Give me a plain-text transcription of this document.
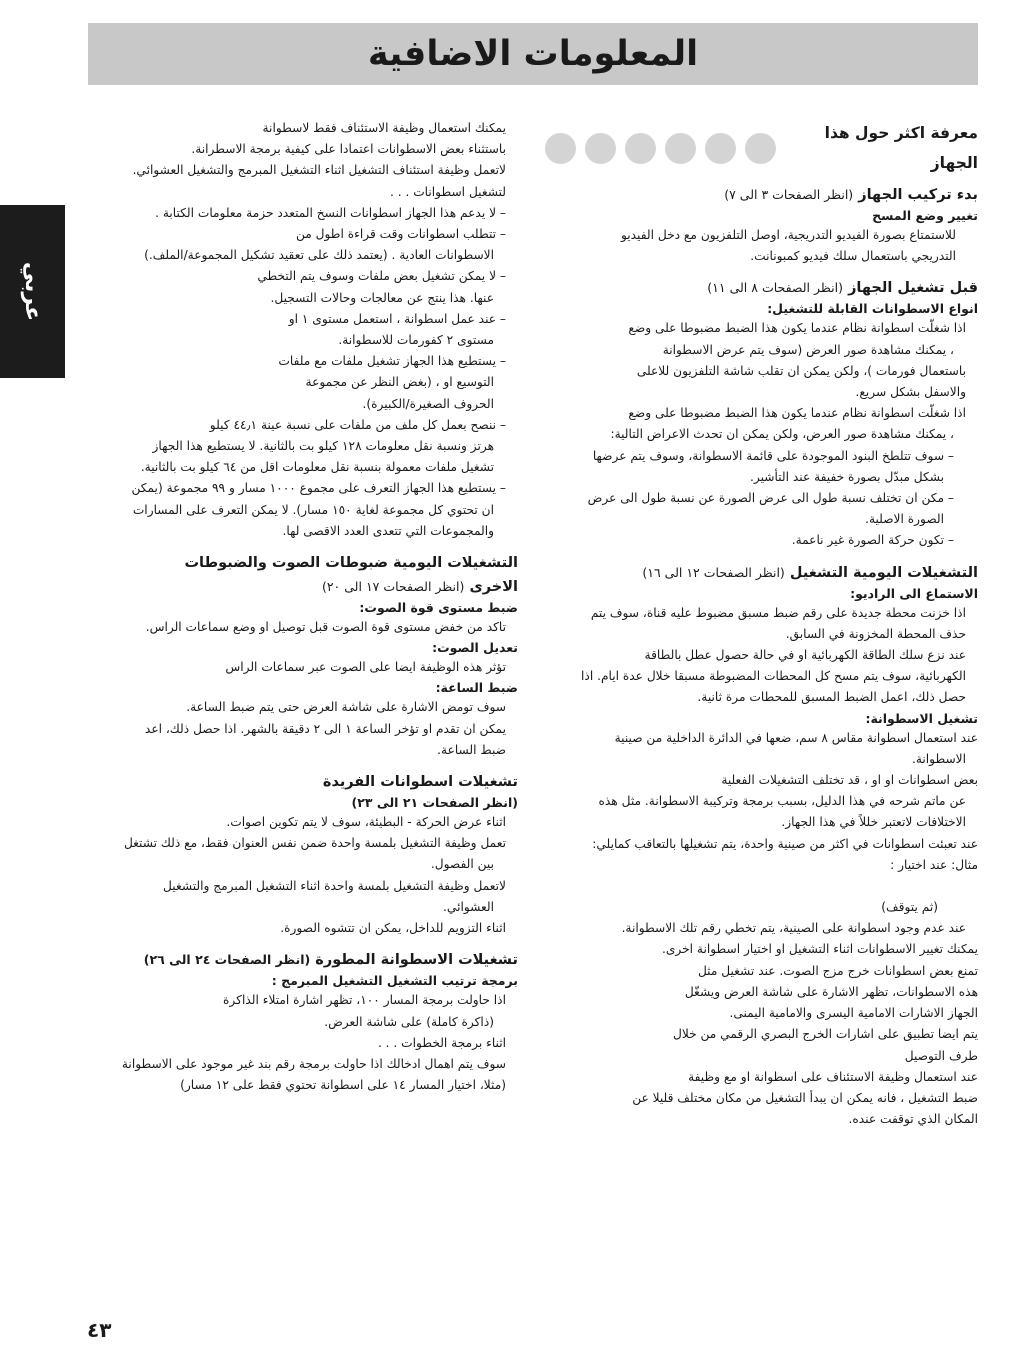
المعلومات الاضافية
عربي
معرفة اكثر حول هذا الجهاز
بدء تركيب الجهاز (انظر الصفحات ٣ الى ٧)
تغيير وضع المسح

للاستمتاع بصورة الفيديو التدريجية، اوصل التلفزيون مع دخل الفيديو

التدريجي باستعمال سلك فيديو كمبونانت.

قبل تشغيل الجهاز (انظر الصفحات ٨ الى ١١)
انواع الاسطوانات القابلة للتشغيل:

اذا شغلّت اسطوانة نظام عندما يكون هذا الضبط مضبوطا على وضع

، يمكنك مشاهدة صور العرض (سوف يتم عرض الاسطوانة

باستعمال فورمات )، ولكن يمكن ان تقلب شاشة التلفزيون للاعلى

والاسفل بشكل سريع.

اذا شغلّت اسطوانة نظام عندما يكون هذا الضبط مضبوطا على وضع

، يمكنك مشاهدة صور العرض، ولكن يمكن ان تحدث الاعراض التالية:

– سوف تتلطخ البنود الموجودة على قائمة الاسطوانة، وسوف يتم عرضها

بشكل مبدّل بصورة خفيفة عند التأشير.

– مكن ان تختلف نسبة طول الى عرض الصورة عن نسبة طول الى عرض

الصورة الاصلية.

– تكون حركة الصورة غير ناعمة.

التشغيلات اليومية التشغيل (انظر الصفحات ١٢ الى ١٦)
الاستماع الى الراديو:

اذا خزنت محطة جديدة على رقم ضبط مسبق مضبوط عليه قناة، سوف يتم

حذف المحطة المخزونة في السابق.

عند نزع سلك الطاقة الكهربائية او في حالة حصول عطل بالطاقة

الكهربائية، سوف يتم مسح كل المحطات المضبوطة مسبقا خلال عدة ايام. اذا

حصل ذلك، اعمل الضبط المسبق للمحطات مرة ثانية.

تشغيل الاسطوانة:

عند استعمال اسطوانة مقاس ٨ سم، ضعها في الدائرة الداخلية من صينية

الاسطوانة.

بعض اسطوانات او او ، قد تختلف التشغيلات الفعلية

عن ماتم شرحه في هذا الدليل، بسبب برمجة وتركيبة الاسطوانة. مثل هذه

الاختلافات لاتعتبر خللاً في هذا الجهاز.

عند تعبئت اسطوانات في اكثر من صينية واحدة، يتم تشغيلها بالتعاقب كمايلي:

مثال: عند اختيار :

(ثم يتوقف)

عند عدم وجود اسطوانة على الصينية، يتم تخطي رقم تلك الاسطوانة.

يمكنك تغيير الاسطوانات اثناء التشغيل او اختيار اسطوانة اخرى.

تمنع بعض اسطوانات خرج مزج الصوت. عند تشغيل مثل

هذه الاسطوانات، تظهر الاشارة على شاشة العرض ويشغّل

الجهاز الاشارات الامامية اليسرى والامامية اليمنى.

يتم ايضا تطبيق على اشارات الخرج البصري الرقمي من خلال

طرف التوصيل

عند استعمال وظيفة الاستئناف على اسطوانة او مع وظيفة

ضبط التشغيل ، فانه يمكن ان يبدأ التشغيل من مكان مختلف قليلا عن

المكان الذي توقفت عنده.

يمكنك استعمال وظيفة الاستئناف فقط لاسطوانة

باستثناء بعض الاسطوانات اعتمادا على كيفية برمجة الاسطرانة.

لاتعمل وظيفة استئناف التشغيل اثناء التشغيل المبرمج والتشغيل العشوائي.

لتشغيل اسطوانات . . .

– لا يدعم هذا الجهاز اسطوانات النسخ المتعدد حزمة معلومات الكتابة .

– تتطلب اسطوانات وقت قراءة اطول من

الاسطوانات العادية . (يعتمد ذلك على تعقيد تشكيل المجموعة/الملف.)

– لا يمكن تشغيل بعض ملفات وسوف يتم التخطي

عنها. هذا ينتج عن معالجات وحالات التسجيل.

– عند عمل اسطوانة ، استعمل مستوى ١ او

مستوى ٢ كفورمات للاسطوانة.

– يستطيع هذا الجهاز تشغيل ملفات مع ملفات

التوسيع او ، (بغض النظر عن مجموعة

الحروف الصغيرة/الكبيرة).

– ننصح بعمل كل ملف من ملفات على نسبة عينة ٤٤٫١ كيلو

هرتز ونسبة نقل معلومات ١٢٨ كيلو بت بالثانية. لا يستطيع هذا الجهاز

تشغيل ملفات معمولة بنسبة نقل معلومات اقل من ٦٤ كيلو بت بالثانية.

– يستطيع هذا الجهاز التعرف على مجموع ١٠٠٠ مسار و ٩٩ مجموعة (يمكن

ان تحتوي كل مجموعة لغاية ١٥٠ مسار). لا يمكن التعرف على المسارات

والمجموعات التي تتعدى العدد الاقصى لها.

التشغيلات اليومية ضبوطات الصوت والضبوطات
الاخرى (انظر الصفحات ١٧ الى ٢٠)
ضبط مستوى قوة الصوت:

تاكد من خفض مستوى قوة الصوت قبل توصيل او وضع سماعات الراس.

تعديل الصوت:

تؤثر هذه الوظيفة ايضا على الصوت عبر سماعات الراس

ضبط الساعة:

سوف تومض الاشارة على شاشة العرض حتى يتم ضبط الساعة.

يمكن ان تقدم او تؤخر الساعة ١ الى ٢ دقيقة بالشهر. اذا حصل ذلك، اعد

ضبط الساعة.

تشغيلات اسطوانات الفريدة
(انظر الصفحات ٢١ الى ٢٣)

اثناء عرض الحركة - البطيئة، سوف لا يتم تكوين اصوات.

تعمل وظيفة التشغيل بلمسة واحدة ضمن نفس العنوان فقط، مع ذلك تشتغل

بين الفصول.

لاتعمل وظيفة التشغيل بلمسة واحدة اثناء التشغيل المبرمج والتشغيل

العشوائي.

اثناء التزويم للداخل، يمكن ان تتشوه الصورة.

تشغيلات الاسطوانة المطورة (انظر الصفحات ٢٤ الى ٢٦)
برمجة ترتيب التشغيل التشغيل المبرمج :

اذا حاولت برمجة المسار ١٠٠، تظهر اشارة امتلاء الذاكرة

(ذاكرة كاملة) على شاشة العرض.

اثناء برمجة الخطوات . . .

سوف يتم اهمال ادخالك اذا حاولت برمجة رقم بند غير موجود على الاسطوانة

(مثلا، اختيار المسار ١٤ على اسطوانة تحتوي فقط على ١٢ مسار)

٤٣
